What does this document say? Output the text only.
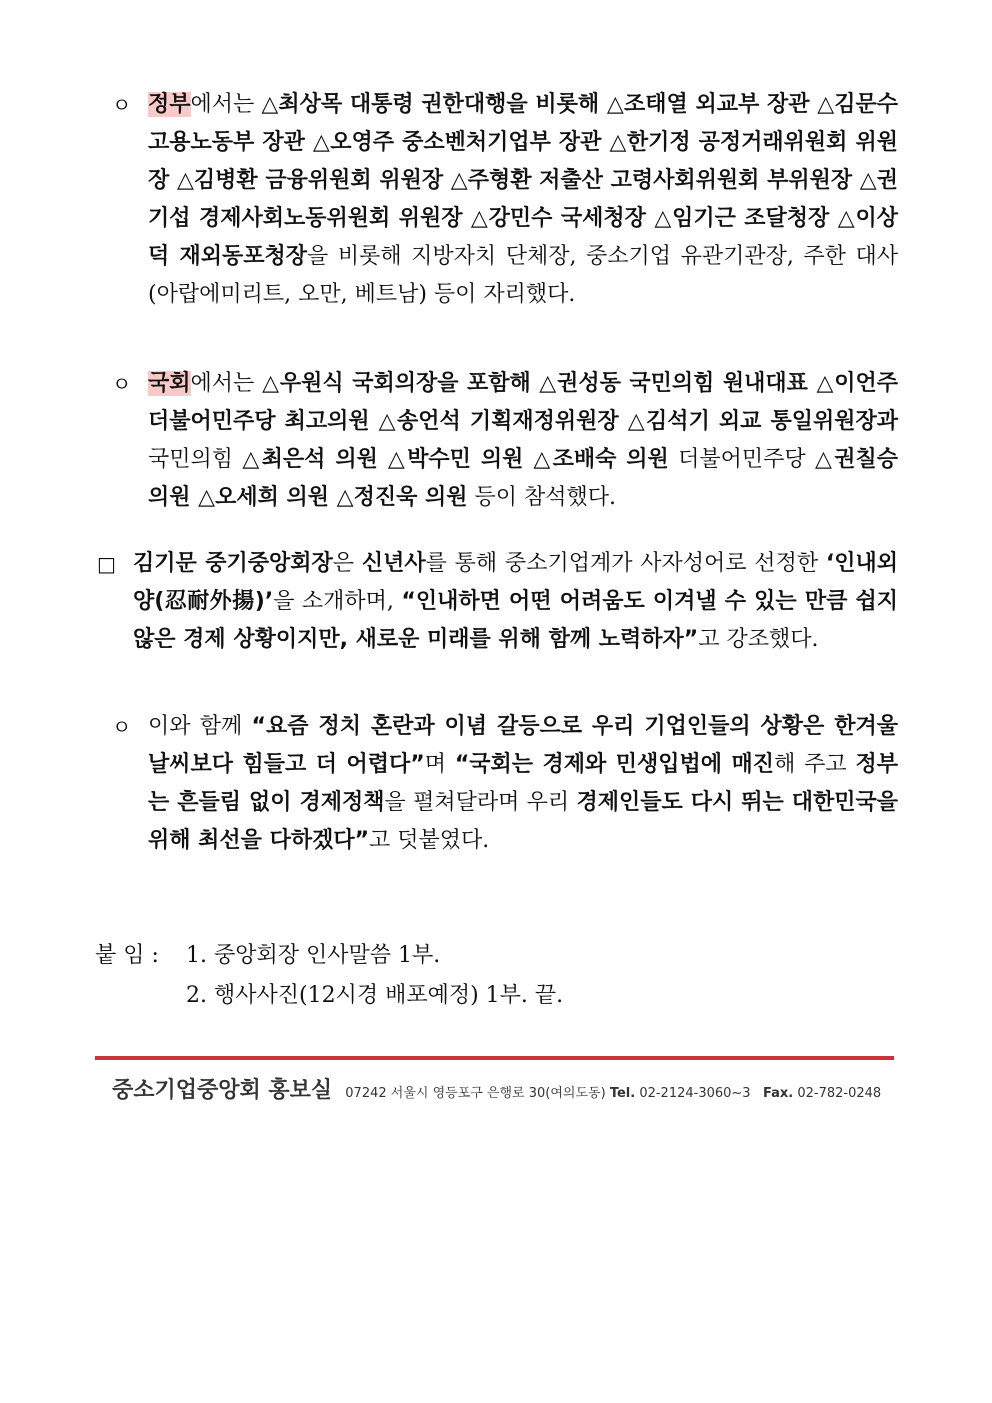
ㅇ 정부에서는 △최상목 대통령 권한대행을 비롯해 △조태열 외교부 장관 △김문수 고용노동부 장관 △오영주 중소벤처기업부 장관 △한기정 공정거래위원회 위원장 △김병환 금융위원회 위원장 △주형환 저출산 고령사회위원회 부위원장 △권기섭 경제사회노동위원회 위원장 △강민수 국세청장 △임기근 조달청장 △이상덕 재외동포청장을 비롯해 지방자치 단체장, 중소기업 유관기관장, 주한 대사(아랍에미리트, 오만, 베트남) 등이 자리했다.
ㅇ 국회에서는 △우원식 국회의장을 포함해 △권성동 국민의힘 원내대표 △이언주 더불어민주당 최고의원 △송언석 기획재정위원장 △김석기 외교 통일위원장과 국민의힘 △최은석 의원 △박수민 의원 △조배숙 의원 더불어민주당 △권칠승 의원 △오세희 의원 △정진욱 의원 등이 참석했다.
□ 김기문 중기중앙회장은 신년사를 통해 중소기업계가 사자성어로 선정한 ‘인내외양(忍耐外揚)’을 소개하며, “인내하면 어떤 어려움도 이겨낼 수 있는 만큼 쉽지 않은 경제 상황이지만, 새로운 미래를 위해 함께 노력하자”고 강조했다.
ㅇ 이와 함께 “요즘 정치 혼란과 이념 갈등으로 우리 기업인들의 상황은 한겨울 날씨보다 힘들고 더 어렵다”며 “국회는 경제와 민생입법에 매진해 주고 정부는 흔들림 없이 경제정책을 펼쳐달라며 우리 경제인들도 다시 뛰는 대한민국을 위해 최선을 다하겠다”고 덧붙였다.
붙 임 : 1. 중앙회장 인사말씀 1부.
2. 행사사진(12시경 배포예정) 1부. 끝.
중소기업중앙회 홍보실 07242 서울시 영등포구 은행로 30(여의도동) Tel. 02-2124-3060~3 Fax. 02-782-0248
